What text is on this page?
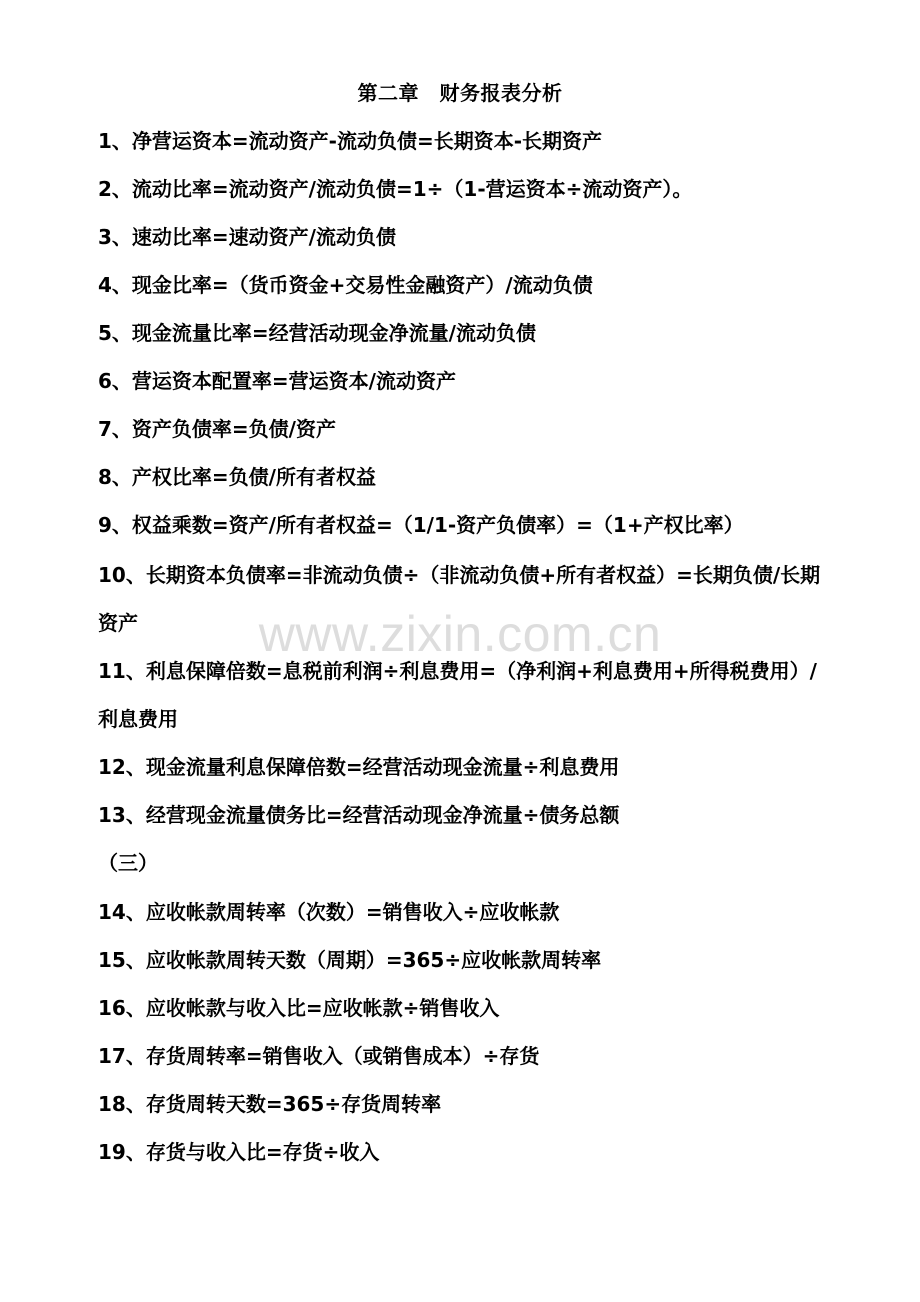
第二章　财务报表分析
1、净营运资本=流动资产-流动负债=长期资本-长期资产
2、流动比率=流动资产/流动负债=1÷（1-营运资本÷流动资产）。
3、速动比率=速动资产/流动负债
4、现金比率=（货币资金+交易性金融资产）/流动负债
5、现金流量比率=经营活动现金净流量/流动负债
6、营运资本配置率=营运资本/流动资产
7、资产负债率=负债/资产
8、产权比率=负债/所有者权益
9、权益乘数=资产/所有者权益=（1/1-资产负债率）=（1+产权比率）
10、长期资本负债率=非流动负债÷（非流动负债+所有者权益）=长期负债/长期
资产
11、利息保障倍数=息税前利润÷利息费用=（净利润+利息费用+所得税费用）/
利息费用
12、现金流量利息保障倍数=经营活动现金流量÷利息费用
13、经营现金流量债务比=经营活动现金净流量÷债务总额
（三）
14、应收帐款周转率（次数）=销售收入÷应收帐款
15、应收帐款周转天数（周期）=365÷应收帐款周转率
16、应收帐款与收入比=应收帐款÷销售收入
17、存货周转率=销售收入（或销售成本）÷存货
18、存货周转天数=365÷存货周转率
19、存货与收入比=存货÷收入
www.zixin.com.cn
